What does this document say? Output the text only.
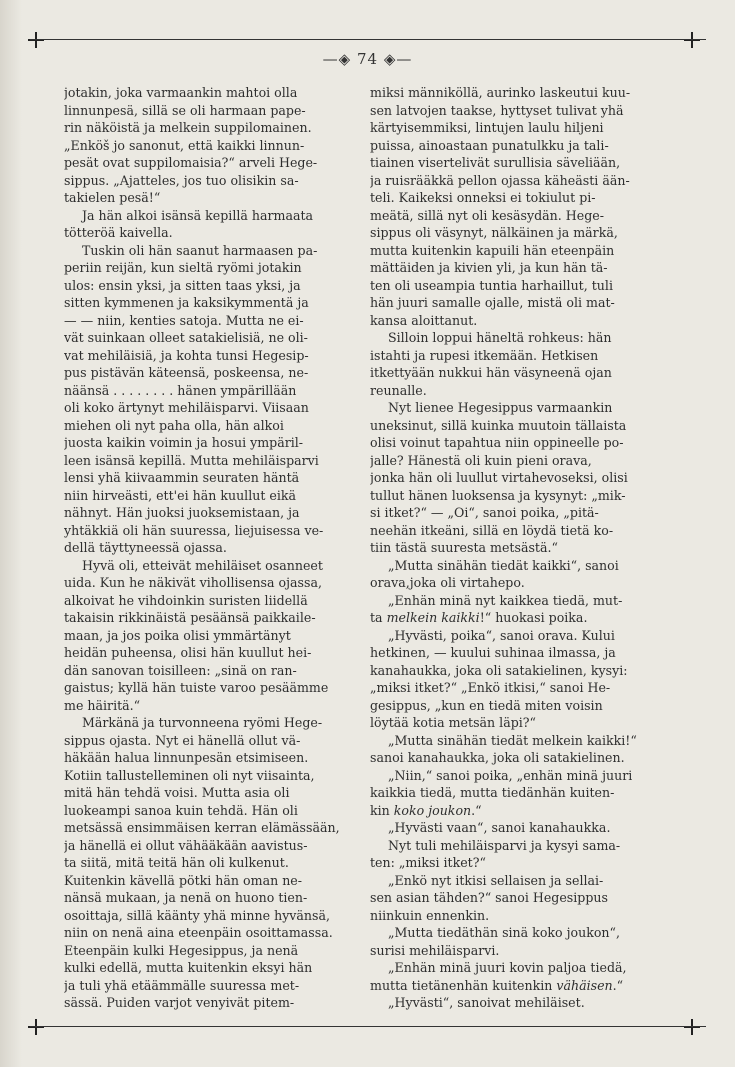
—◈ 74 ◈—
jotakin, joka varmaankin mahtoi olla
linnunpesä, sillä se oli harmaan pape-
rin näköistä ja melkein suppilomainen.
„Enköš jo sanonut, että kaikki linnun-
pesät ovat suppilomaisia?“ arveli Hege-
sippus. „Ajatteles, jos tuo olisikin sa-
takielen pesä!“
Ja hän alkoi isänsä kepillä harmaata
tötteröä kaivella.
Tuskin oli hän saanut harmaasen pa-
periin reijän, kun sieltä ryömi jotakin
ulos: ensin yksi, ja sitten taas yksi, ja
sitten kymmenen ja kaksikymmentä ja
— — niin, kenties satoja. Mutta ne ei-
vät suinkaan olleet satakielisiä, ne oli-
vat mehiläisiä, ja kohta tunsi Hegesip-
pus pistävän käteensä, poskeensa, ne-
näänsä . . . . . . . . hänen ympärillään
oli koko ärtynyt mehiläisparvi. Viisaan
miehen oli nyt paha olla, hän alkoi
juosta kaikin voimin ja hosui ympäril-
leen isänsä kepillä. Mutta mehiläisparvi
lensi yhä kiivaammin seuraten häntä
niin hirveästi, ett'ei hän kuullut eikä
nähnyt. Hän juoksi juoksemistaan, ja
yhtäkkiä oli hän suuressa, liejuisessa ve-
dellä täyttyneessä ojassa.
Hyvä oli, etteivät mehiläiset osanneet
uida. Kun he näkivät vihollisensa ojassa,
alkoivat he vihdoinkin suristen liidellä
takaisin rikkinäistä pesäänsä paikkaile-
maan, ja jos poika olisi ymmärtänyt
heidän puheensa, olisi hän kuullut hei-
dän sanovan toisilleen: „sinä on ran-
gaistus; kyllä hän tuiste varoo pesäämme
me häiritä.“
Märkänä ja turvonneena ryömi Hege-
sippus ojasta. Nyt ei hänellä ollut vä-
häkään halua linnunpesän etsimiseen.
Kotiin tallustelleminen oli nyt viisainta,
mitä hän tehdä voisi. Mutta asia oli
luokeampi sanoa kuin tehdä. Hän oli
metsässä ensimmäisen kerran elämässään,
ja hänellä ei ollut vähääkään aavistus-
ta siitä, mitä teitä hän oli kulkenut.
Kuitenkin kävellä pötki hän oman ne-
nänsä mukaan, ja nenä on huono tien-
osoittaja, sillä käänty yhä minne hyvänsä,
niin on nenä aina eteenpäin osoittamassa.
Eteenpäin kulki Hegesippus, ja nenä
kulki edellä, mutta kuitenkin eksyi hän
ja tuli yhä etäämmälle suuressa met-
sässä. Puiden varjot venyivät pitem-
miksi männiköllä, aurinko laskeutui kuu-
sen latvojen taakse, hyttyset tulivat yhä
kärtyisemmiksi, lintujen laulu hiljeni
puissa, ainoastaan punatulkku ja tali-
tiainen visertelivät surullisia säveliään,
ja ruisrääkkä pellon ojassa käheästi ään-
teli. Kaikeksi onneksi ei tokiulut pi-
meätä, sillä nyt oli kesäsydän. Hege-
sippus oli väsynyt, nälkäinen ja märkä,
mutta kuitenkin kapuili hän eteenpäin
mättäiden ja kivien yli, ja kun hän tä-
ten oli useampia tuntia harhaillut, tuli
hän juuri samalle ojalle, mistä oli mat-
kansa aloittanut.
Silloin loppui häneltä rohkeus: hän
istahti ja rupesi itkemään. Hetkisen
itkettyään nukkui hän väsyneenä ojan
reunalle.
Nyt lienee Hegesippus varmaankin
uneksinut, sillä kuinka muutoin tällaista
olisi voinut tapahtua niin oppineelle po-
jalle? Hänestä oli kuin pieni orava,
jonka hän oli luullut virtahevoseksi, olisi
tullut hänen luoksensa ja kysynyt: „mik-
si itket?“ — „Oi“, sanoi poika, „pitä-
neehän itkeäni, sillä en löydä tietä ko-
tiin tästä suuresta metsästä.“
„Mutta sinähän tiedät kaikki“, sanoi
orava,joka oli virtahepo.
„Enhän minä nyt kaikkea tiedä, mut-
ta melkein kaikki!“ huokasi poika.
„Hyvästi, poika“, sanoi orava. Kului
hetkinen, — kuului suhinaa ilmassa, ja
kanahaukka, joka oli satakielinen, kysyi:
„miksi itket?“ „Enkö itkisi,“ sanoi He-
gesippus, „kun en tiedä miten voisin
löytää kotia metsän läpi?“
„Mutta sinähän tiedät melkein kaikki!“
sanoi kanahaukka, joka oli satakielinen.
„Niin,“ sanoi poika, „enhän minä juuri
kaikkia tiedä, mutta tiedänhän kuiten-
kin koko joukon.“
„Hyvästi vaan“, sanoi kanahaukka.
Nyt tuli mehiläisparvi ja kysyi sama-
ten: „miksi itket?“
„Enkö nyt itkisi sellaisen ja sellai-
sen asian tähden?“ sanoi Hegesippus
niinkuin ennenkin.
„Mutta tiedäthän sinä koko joukon“,
surisi mehiläisparvi.
„Enhän minä juuri kovin paljoa tiedä,
mutta tietänenhän kuitenkin vähäisen.“
„Hyvästi“, sanoivat mehiläiset.
